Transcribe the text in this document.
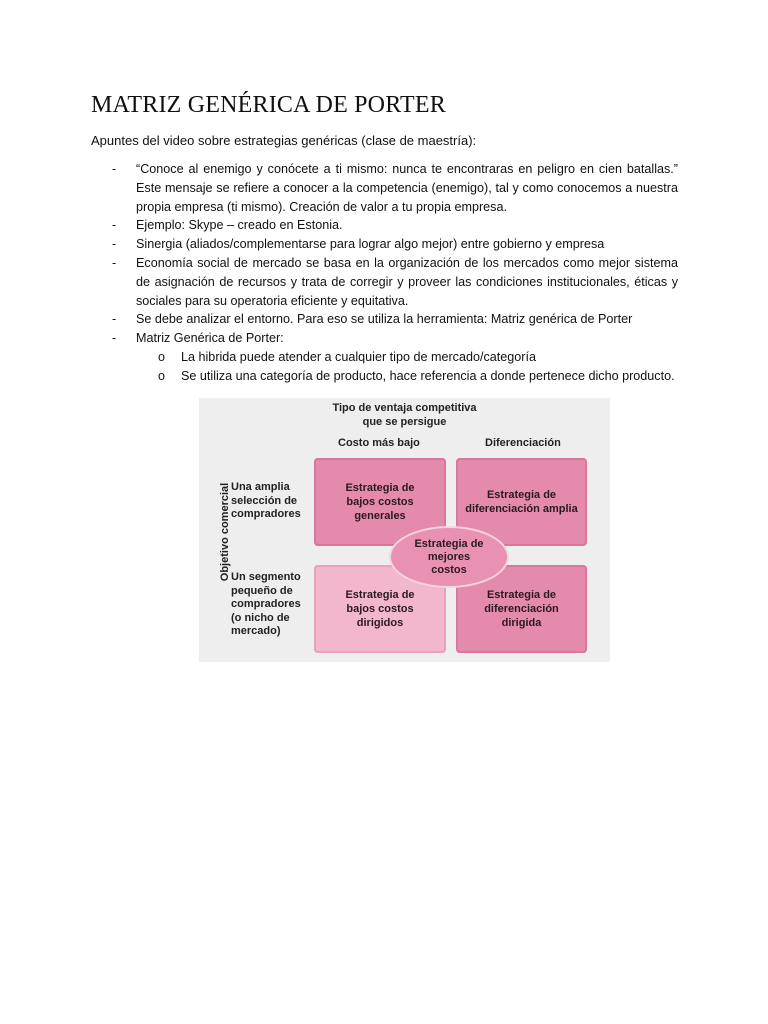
MATRIZ GENÉRICA DE PORTER
Apuntes del video sobre estrategias genéricas (clase de maestría):
- “Conoce al enemigo y conócete a ti mismo: nunca te encontraras en peligro en cien batallas.” Este mensaje se refiere a conocer a la competencia (enemigo), tal y como conocemos a nuestra propia empresa (ti mismo). Creación de valor a tu propia empresa.
- Ejemplo: Skype – creado en Estonia.
- Sinergia (aliados/complementarse para lograr algo mejor) entre gobierno y empresa
- Economía social de mercado se basa en la organización de los mercados como mejor sistema de asignación de recursos y trata de corregir y proveer las condiciones institucionales, éticas y sociales para su operatoria eficiente y equitativa.
- Se debe analizar el entorno. Para eso se utiliza la herramienta: Matriz genérica de Porter
- Matriz Genérica de Porter:
o La hibrida puede atender a cualquier tipo de mercado/categoría
o Se utiliza una categoría de producto, hace referencia a donde pertenece dicho producto.
Tipo de ventaja competitiva
que se persigue
Costo más bajo	Diferenciación
Objetivo comercial Una amplia selección de compradores
Un segmento pequeño de compradores (o nicho de mercado)
Estrategia de bajos costos generales
Estrategia de diferenciación amplia
Estrategia de bajos costos dirigidos
Estrategia de diferenciación dirigida
Estrategia de mejores costos
